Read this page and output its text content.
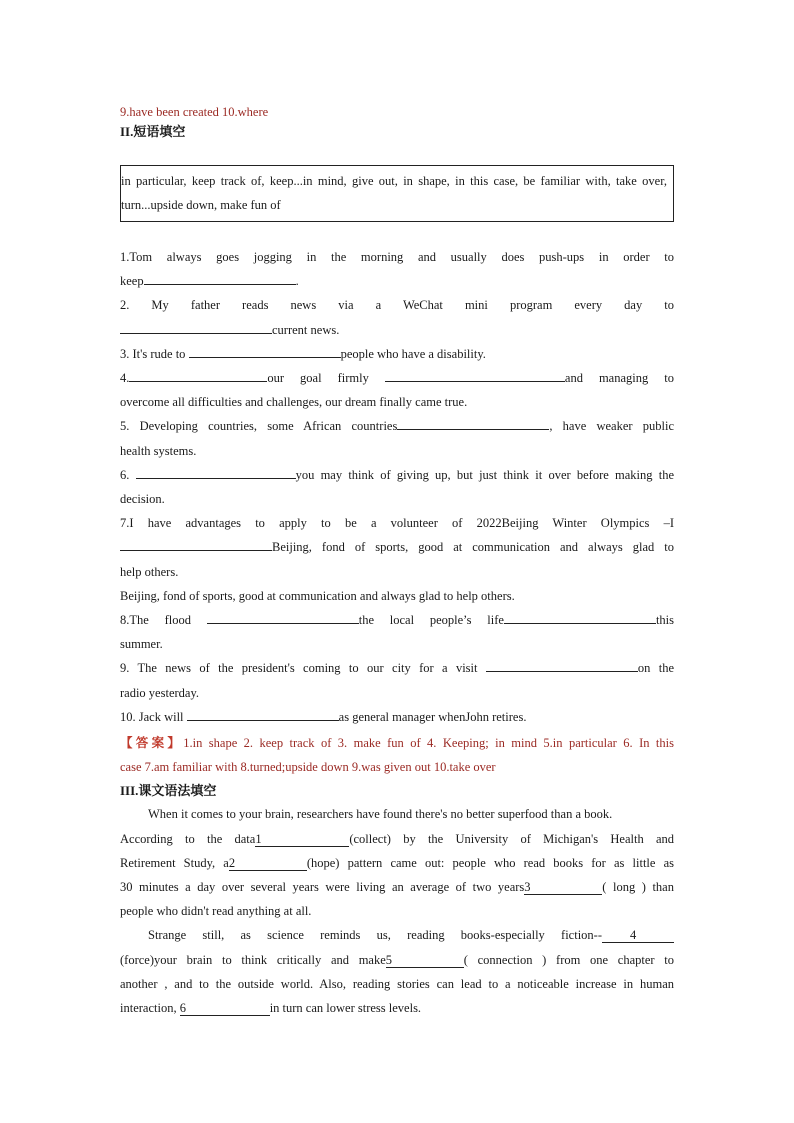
9.have been created 10.where
II.短语填空
in particular, keep track of, keep...in mind, give out, in shape, in this case, be familiar with, take over, turn...upside down, make fun of
1.Tom always goes jogging in the morning and usually does push-ups in order to
keep	.
2. My father reads news via a WeChat mini program every day to
current news.
3. It's rude to	people who have a disability.
4.	our goal firmly	and managing to
overcome all difficulties and challenges, our dream finally came true.
5. Developing countries, some African countries	, have weaker public
health systems.
6.	you may think of giving up, but just think it over before making the
decision.
7.I have advantages to apply to be a volunteer of 2022Beijing Winter Olympics –I
Beijing, fond of sports, good at communication and always glad to
help others.
Beijing, fond of sports, good at communication and always glad to help others.
8.The flood	the local people’s life	this
summer.
9. The news of the president's coming to our city for a visit	on the
radio yesterday.
10. Jack will	as general manager whenJohn retires.
【答案】1.in shape 2. keep track of 3. make fun of 4. Keeping; in mind 5.in particular 6. In this
case 7.am familiar with 8.turned;upside down 9.was given out 10.take over
III.课文语法填空
When it comes to your brain, researchers have found there's no better superfood than a book.
According to the data1	(collect) by the University of Michigan's Health and
Retirement Study, a2	(hope) pattern came out: people who read books for as little as
30 minutes a day over several years were living an average of two years3	( long ) than
people who didn't read anything at all.
Strange still, as science reminds us, reading books-especially fiction-- 4
(force)your brain to think critically and make5	( connection ) from one chapter to
another , and to the outside world. Also, reading stories can lead to a noticeable increase in human
interaction, 6	in turn can lower stress levels.
